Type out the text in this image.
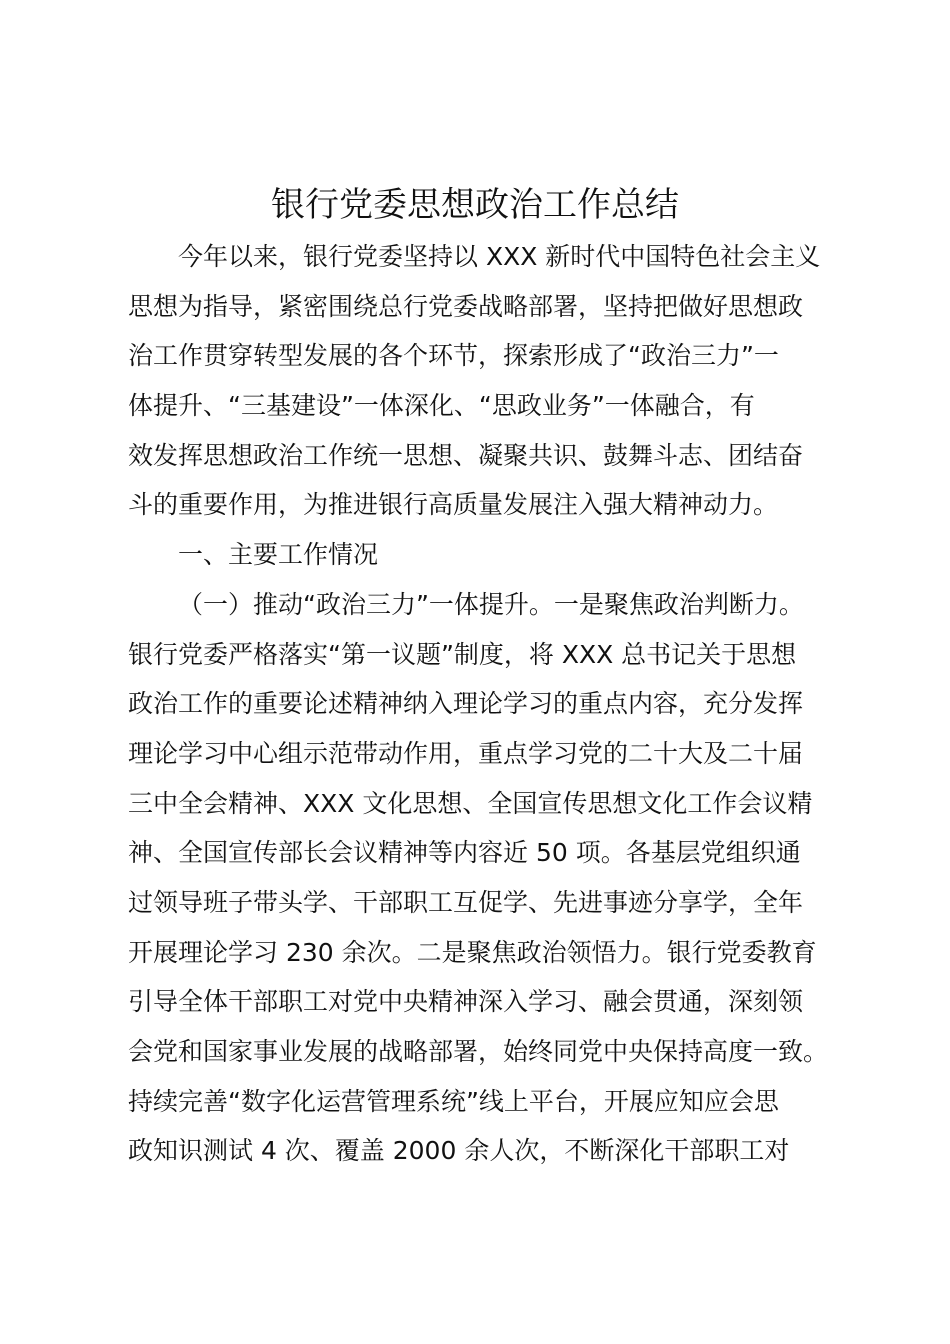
银行党委思想政治工作总结
今年以来，银行党委坚持以 XXX 新时代中国特色社会主义
思想为指导，紧密围绕总行党委战略部署，坚持把做好思想政
治工作贯穿转型发展的各个环节，探索形成了“政治三力”一
体提升、“三基建设”一体深化、“思政业务”一体融合，有
效发挥思想政治工作统一思想、凝聚共识、鼓舞斗志、团结奋
斗的重要作用，为推进银行高质量发展注入强大精神动力。
一、主要工作情况
（一）推动“政治三力”一体提升。一是聚焦政治判断力。
银行党委严格落实“第一议题”制度，将 XXX 总书记关于思想
政治工作的重要论述精神纳入理论学习的重点内容，充分发挥
理论学习中心组示范带动作用，重点学习党的二十大及二十届
三中全会精神、XXX 文化思想、全国宣传思想文化工作会议精
神、全国宣传部长会议精神等内容近 50 项。各基层党组织通
过领导班子带头学、干部职工互促学、先进事迹分享学，全年
开展理论学习 230 余次。二是聚焦政治领悟力。银行党委教育
引导全体干部职工对党中央精神深入学习、融会贯通，深刻领
会党和国家事业发展的战略部署，始终同党中央保持高度一致。
持续完善“数字化运营管理系统”线上平台，开展应知应会思
政知识测试 4 次、覆盖 2000 余人次，不断深化干部职工对
